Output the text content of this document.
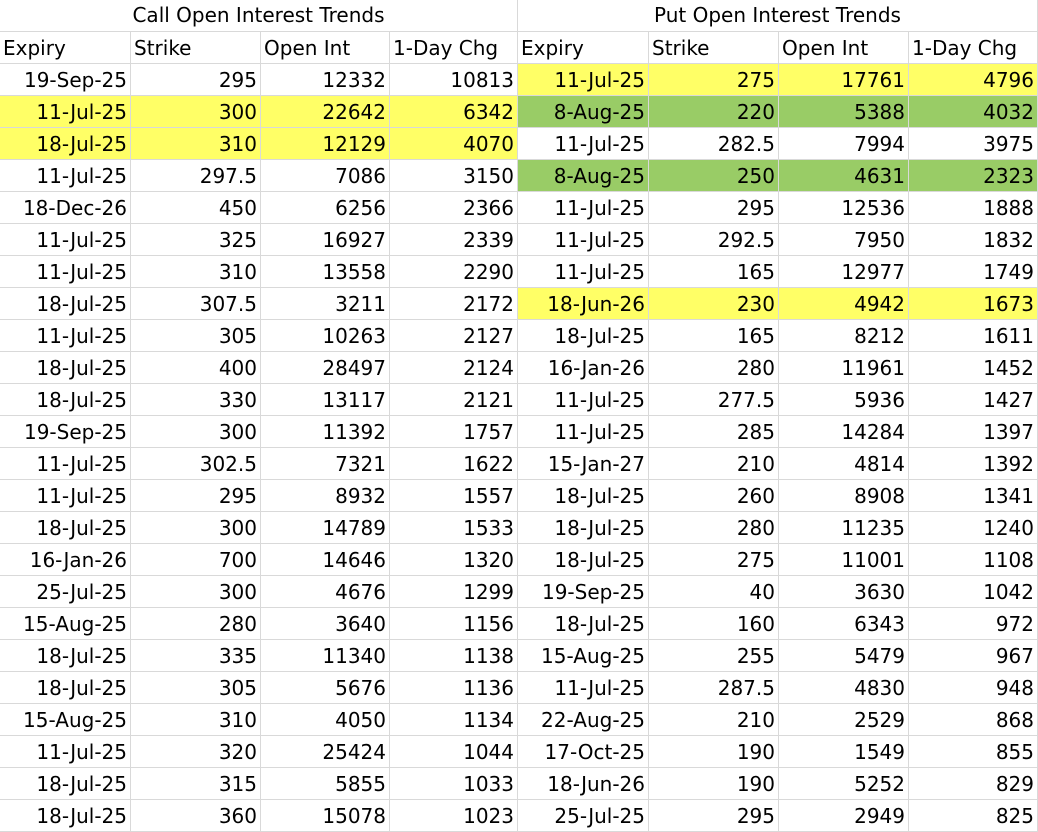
Call Open Interest Trends	Put Open Interest Trends
Expiry	Strike	Open Int	1-Day Chg	Expiry	Strike	Open Int	1-Day Chg
19-Sep-25	295	12332	10813	11-Jul-25	275	17761	4796
11-Jul-25	300	22642	6342	8-Aug-25	220	5388	4032
18-Jul-25	310	12129	4070	11-Jul-25	282.5	7994	3975
11-Jul-25	297.5	7086	3150	8-Aug-25	250	4631	2323
18-Dec-26	450	6256	2366	11-Jul-25	295	12536	1888
11-Jul-25	325	16927	2339	11-Jul-25	292.5	7950	1832
11-Jul-25	310	13558	2290	11-Jul-25	165	12977	1749
18-Jul-25	307.5	3211	2172	18-Jun-26	230	4942	1673
11-Jul-25	305	10263	2127	18-Jul-25	165	8212	1611
18-Jul-25	400	28497	2124	16-Jan-26	280	11961	1452
18-Jul-25	330	13117	2121	11-Jul-25	277.5	5936	1427
19-Sep-25	300	11392	1757	11-Jul-25	285	14284	1397
11-Jul-25	302.5	7321	1622	15-Jan-27	210	4814	1392
11-Jul-25	295	8932	1557	18-Jul-25	260	8908	1341
18-Jul-25	300	14789	1533	18-Jul-25	280	11235	1240
16-Jan-26	700	14646	1320	18-Jul-25	275	11001	1108
25-Jul-25	300	4676	1299	19-Sep-25	40	3630	1042
15-Aug-25	280	3640	1156	18-Jul-25	160	6343	972
18-Jul-25	335	11340	1138	15-Aug-25	255	5479	967
18-Jul-25	305	5676	1136	11-Jul-25	287.5	4830	948
15-Aug-25	310	4050	1134	22-Aug-25	210	2529	868
11-Jul-25	320	25424	1044	17-Oct-25	190	1549	855
18-Jul-25	315	5855	1033	18-Jun-26	190	5252	829
18-Jul-25	360	15078	1023	25-Jul-25	295	2949	825
